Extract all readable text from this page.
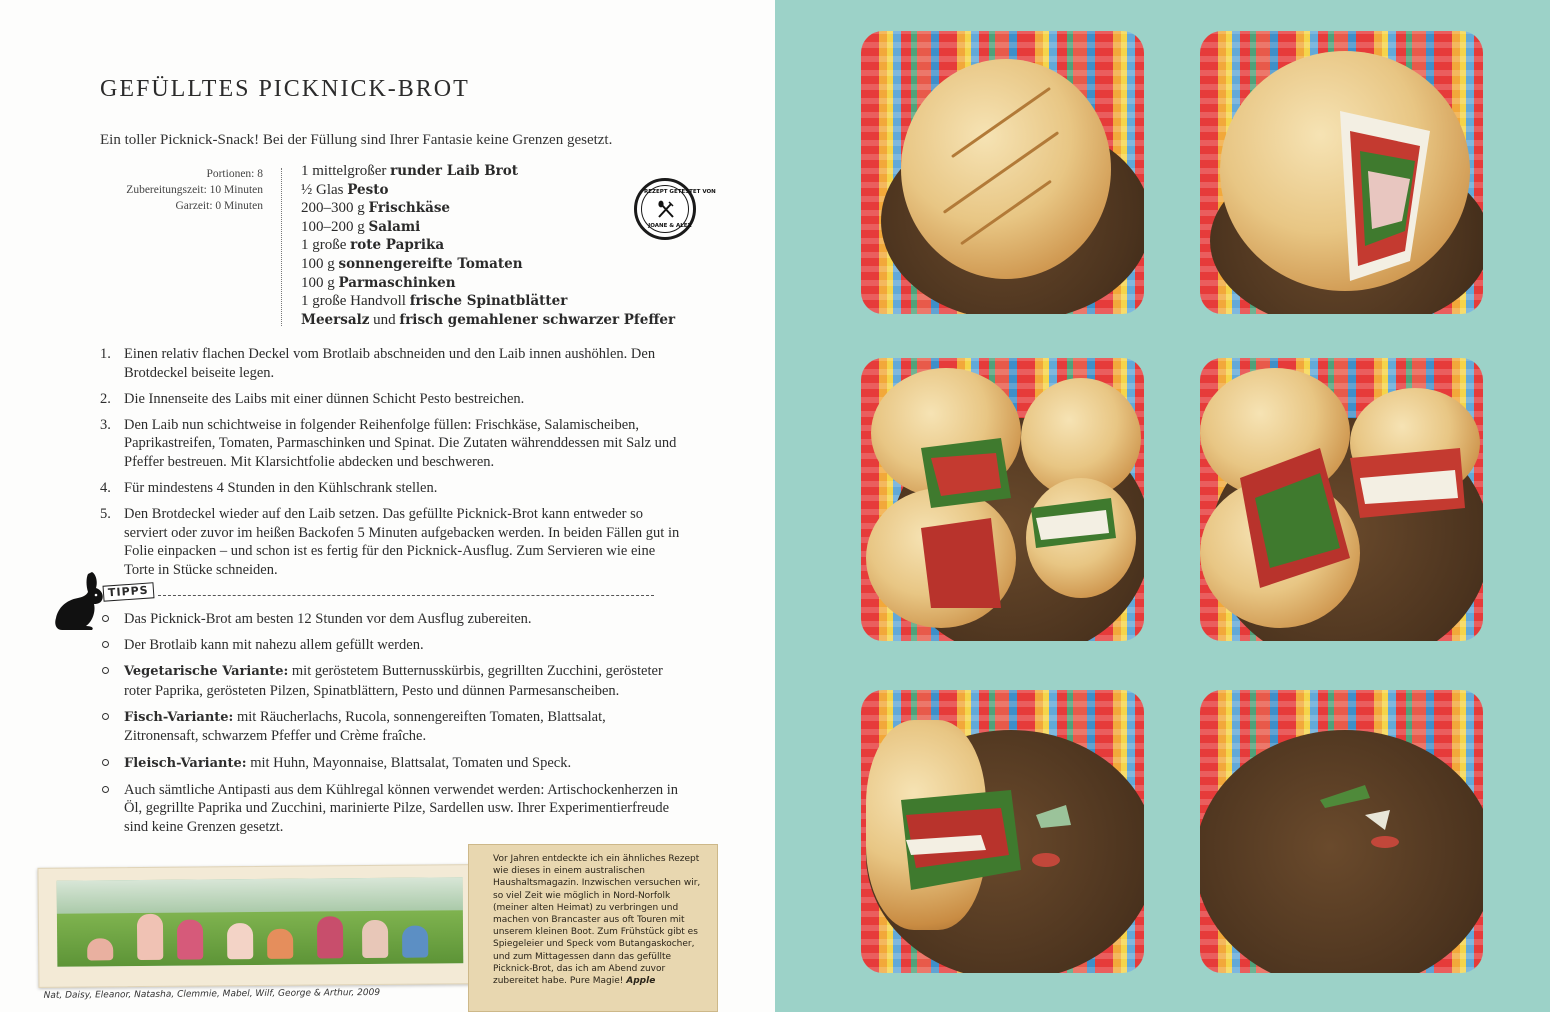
GEFÜLLTES PICKNICK-BROT

Ein toller Picknick-Snack! Bei der Füllung sind Ihrer Fantasie keine Grenzen gesetzt.

Portionen: 8
Zubereitungszeit: 10 Minuten
Garzeit: 0 Minuten
1 mittelgroßer runder Laib Brot
½ Glas Pesto
200–300 g Frischkäse
100–200 g Salami
1 große rote Paprika
100 g sonnengereifte Tomaten
100 g Parmaschinken
1 große Handvoll frische Spinatblätter
Meersalz und frisch gemahlener schwarzer Pfeffer
REZEPT GETESTET VON
JOANE & ALEX
1. Einen relativ flachen Deckel vom Brotlaib abschneiden und den Laib innen aushöhlen. Den Brotdeckel beiseite legen.
2. Die Innenseite des Laibs mit einer dünnen Schicht Pesto bestreichen.
3. Den Laib nun schichtweise in folgender Reihenfolge füllen: Frischkäse, Salamischeiben, Paprikastreifen, Tomaten, Parmaschinken und Spinat. Die Zutaten währenddessen mit Salz und Pfeffer bestreuen. Mit Klarsichtfolie abdecken und beschweren.
4. Für mindestens 4 Stunden in den Kühlschrank stellen.
5. Den Brotdeckel wieder auf den Laib setzen. Das gefüllte Picknick-Brot kann entweder so serviert oder zuvor im heißen Backofen 5 Minuten aufgebacken werden. In beiden Fällen gut in Folie einpacken – und schon ist es fertig für den Picknick-Ausflug. Zum Servieren wie eine Torte in Stücke schneiden.
TIPPS
Das Picknick-Brot am besten 12 Stunden vor dem Ausflug zubereiten.
Der Brotlaib kann mit nahezu allem gefüllt werden.
Vegetarische Variante: mit geröstetem Butternusskürbis, gegrillten Zucchini, gerösteter roter Paprika, gerösteten Pilzen, Spinatblättern, Pesto und dünnen Parmesanscheiben.
Fisch-Variante: mit Räucherlachs, Rucola, sonnengereiften Tomaten, Blattsalat, Zitronensaft, schwarzem Pfeffer und Crème fraîche.
Fleisch-Variante: mit Huhn, Mayonnaise, Blattsalat, Tomaten und Speck.
Auch sämtliche Antipasti aus dem Kühlregal können verwendet werden: Artischockenherzen in Öl, gegrillte Paprika und Zucchini, marinierte Pilze, Sardellen usw. Ihrer Experimentierfreude sind keine Grenzen gesetzt.
Nat, Daisy, Eleanor, Natasha, Clemmie, Mabel, Wilf, George & Arthur, 2009

Vor Jahren entdeckte ich ein ähnliches Rezept wie dieses in einem australischen Haushaltsmagazin. Inzwischen versuchen wir, so viel Zeit wie möglich in Nord-Norfolk (meiner alten Heimat) zu verbringen und machen von Brancaster aus oft Touren mit unserem kleinen Boot. Zum Frühstück gibt es Spiegeleier und Speck vom Butangaskocher, und zum Mittagessen dann das gefüllte Picknick-Brot, das ich am Abend zuvor zubereitet habe. Pure Magie! Apple
